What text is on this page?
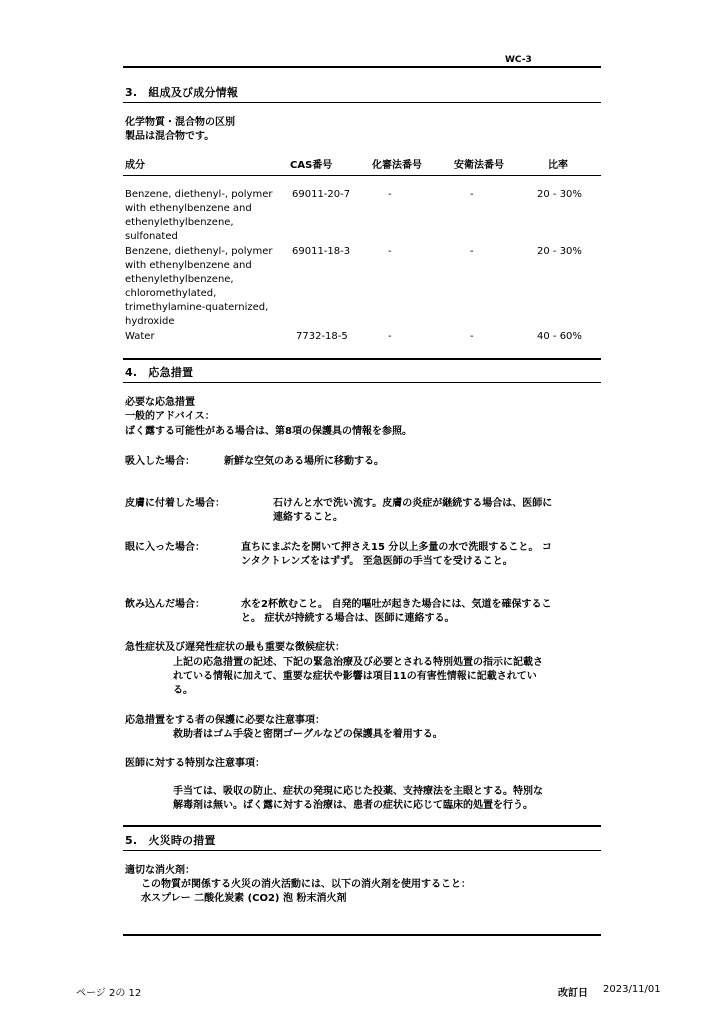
WC-3
3.　組成及び成分情報
化学物質・混合物の区別
製品は混合物です。
成分	CAS番号	化審法番号	安衛法番号	比率
Benzene, diethenyl-, polymer
with ethenylbenzene and
ethenylethylbenzene,
sulfonated
69011-20-7	-	-	20 - 30%
Benzene, diethenyl-, polymer
with ethenylbenzene and
ethenylethylbenzene,
chloromethylated,
trimethylamine-quaternized,
hydroxide
69011-18-3	-	-	20 - 30%
Water	7732-18-5	-	-	40 - 60%
4.　応急措置
必要な応急措置
一般的アドバイス：
ばく露する可能性がある場合は、第8項の保護具の情報を参照。
吸入した場合：	新鮮な空気のある場所に移動する。
皮膚に付着した場合：	石けんと水で洗い流す。皮膚の炎症が継続する場合は、医師に
連絡すること。
眼に入った場合：	直ちにまぶたを開いて押さえ15 分以上多量の水で洗眼すること。 コ
ンタクトレンズをはずず。 至急医師の手当てを受けること。
飲み込んだ場合：	水を2杯飲むこと。 自発的嘔吐が起きた場合には、気道を確保するこ
と。 症状が持続する場合は、医師に連絡する。
急性症状及び遅発性症状の最も重要な徴候症状：
上記の応急措置の記述、下記の緊急治療及び必要とされる特別処置の指示に記載さ
れている情報に加えて、重要な症状や影響は項目11の有害性情報に記載されてい
る。
応急措置をする者の保護に必要な注意事項：
救助者はゴム手袋と密閉ゴーグルなどの保護具を着用する。
医師に対する特別な注意事項：
手当ては、吸収の防止、症状の発現に応じた投薬、支持療法を主眼とする。特別な
解毒剤は無い。ばく露に対する治療は、患者の症状に応じて臨床的処置を行う。
5.　火災時の措置
適切な消火剤：
この物質が関係する火災の消火活動には、以下の消火剤を使用すること：
水スプレー 二酸化炭素 (CO2) 泡 粉末消火剤
ページ 2の 12	改訂日 2023/11/01
